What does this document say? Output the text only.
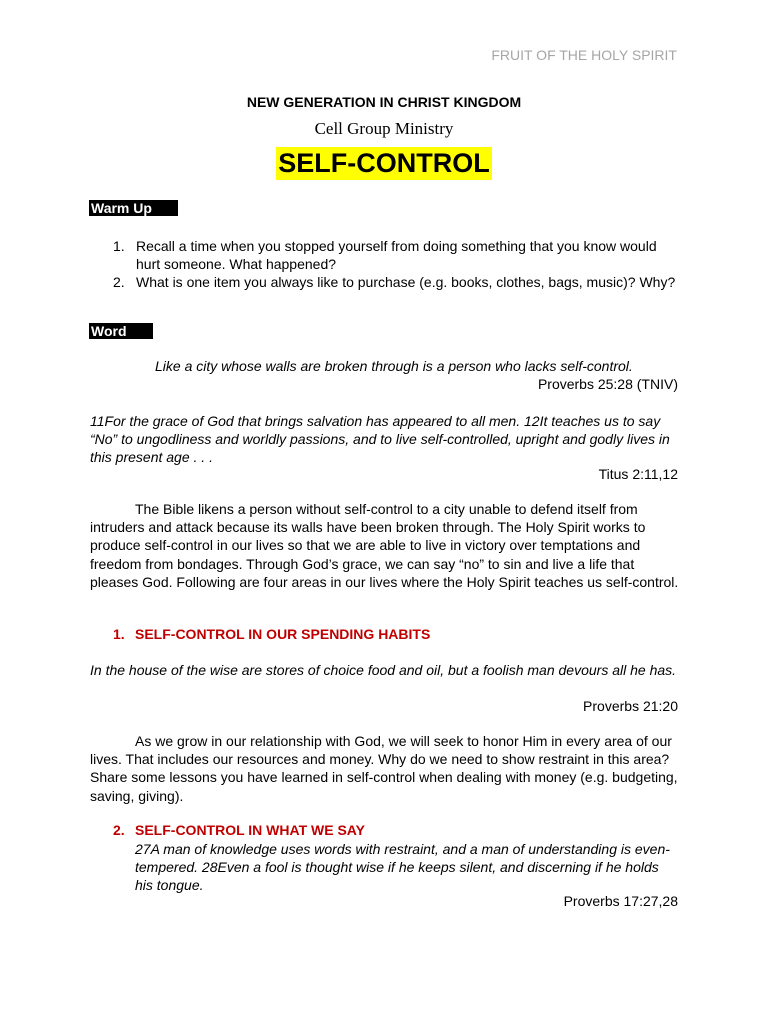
FRUIT OF THE HOLY SPIRIT
NEW GENERATION IN CHRIST KINGDOM
Cell Group Ministry
SELF-CONTROL
Warm Up
1. Recall a time when you stopped yourself from doing something that you know would hurt someone. What happened?
2. What is one item you always like to purchase (e.g. books, clothes, bags, music)? Why?
Word
Like a city whose walls are broken through is a person who lacks self-control.
Proverbs 25:28 (TNIV)
11For the grace of God that brings salvation has appeared to all men. 12It teaches us to say “No” to ungodliness and worldly passions, and to live self-controlled, upright and godly lives in this present age . . .
Titus 2:11,12
The Bible likens a person without self-control to a city unable to defend itself from intruders and attack because its walls have been broken through. The Holy Spirit works to produce self-control in our lives so that we are able to live in victory over temptations and freedom from bondages. Through God’s grace, we can say “no” to sin and live a life that pleases God. Following are four areas in our lives where the Holy Spirit teaches us self-control.
1. SELF-CONTROL IN OUR SPENDING HABITS
In the house of the wise are stores of choice food and oil, but a foolish man devours all he has.
Proverbs 21:20
As we grow in our relationship with God, we will seek to honor Him in every area of our lives. That includes our resources and money. Why do we need to show restraint in this area? Share some lessons you have learned in self-control when dealing with money (e.g. budgeting, saving, giving).
2. SELF-CONTROL IN WHAT WE SAY
27A man of knowledge uses words with restraint, and a man of understanding is even-tempered. 28Even a fool is thought wise if he keeps silent, and discerning if he holds his tongue.
Proverbs 17:27,28
